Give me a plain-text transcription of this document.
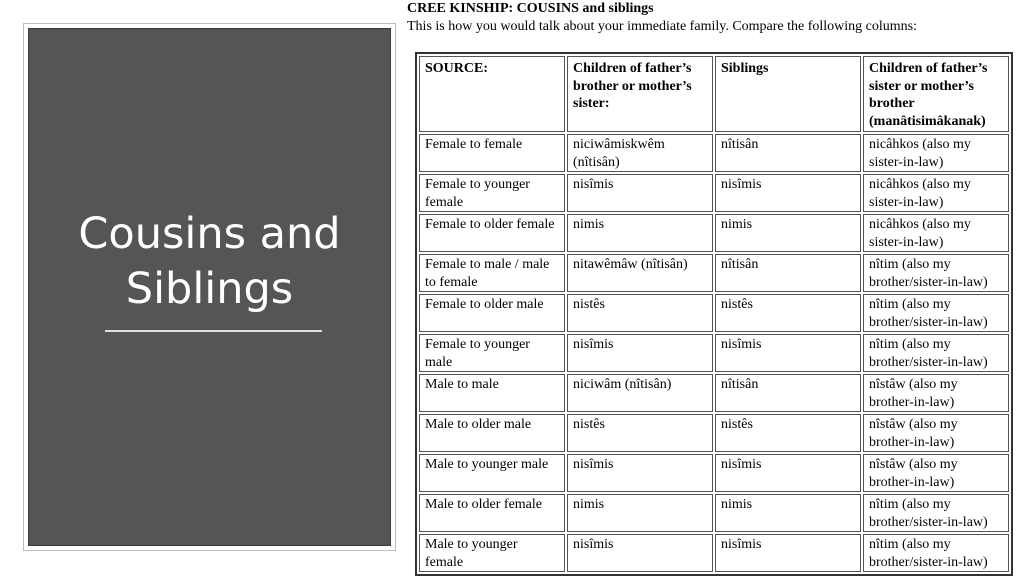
Cousins and Siblings
CREE KINSHIP: COUSINS and siblings
This is how you would talk about your immediate family. Compare the following columns:
SOURCE:	Children of father’s brother or mother’s sister:	Siblings	Children of father’s sister or mother’s brother (manâtisimâkanak)
Female to female	niciwâmiskwêm (nîtisân)	nîtisân	nicâhkos (also my sister-in-law)
Female to younger female	nisîmis	nisîmis	nicâhkos (also my sister-in-law)
Female to older female	nimis	nimis	nicâhkos (also my sister-in-law)
Female to male / male to female	nitawêmâw (nîtisân)	nîtisân	nîtim (also my brother/sister-in-law)
Female to older male	nistês	nistês	nîtim (also my brother/sister-in-law)
Female to younger male	nisîmis	nisîmis	nîtim (also my brother/sister-in-law)
Male to male	niciwâm (nîtisân)	nîtisân	nîstâw (also my brother-in-law)
Male to older male	nistês	nistês	nîstâw (also my brother-in-law)
Male to younger male	nisîmis	nisîmis	nîstâw (also my brother-in-law)
Male to older female	nimis	nimis	nîtim (also my brother/sister-in-law)
Male to younger female	nisîmis	nisîmis	nîtim (also my brother/sister-in-law)
